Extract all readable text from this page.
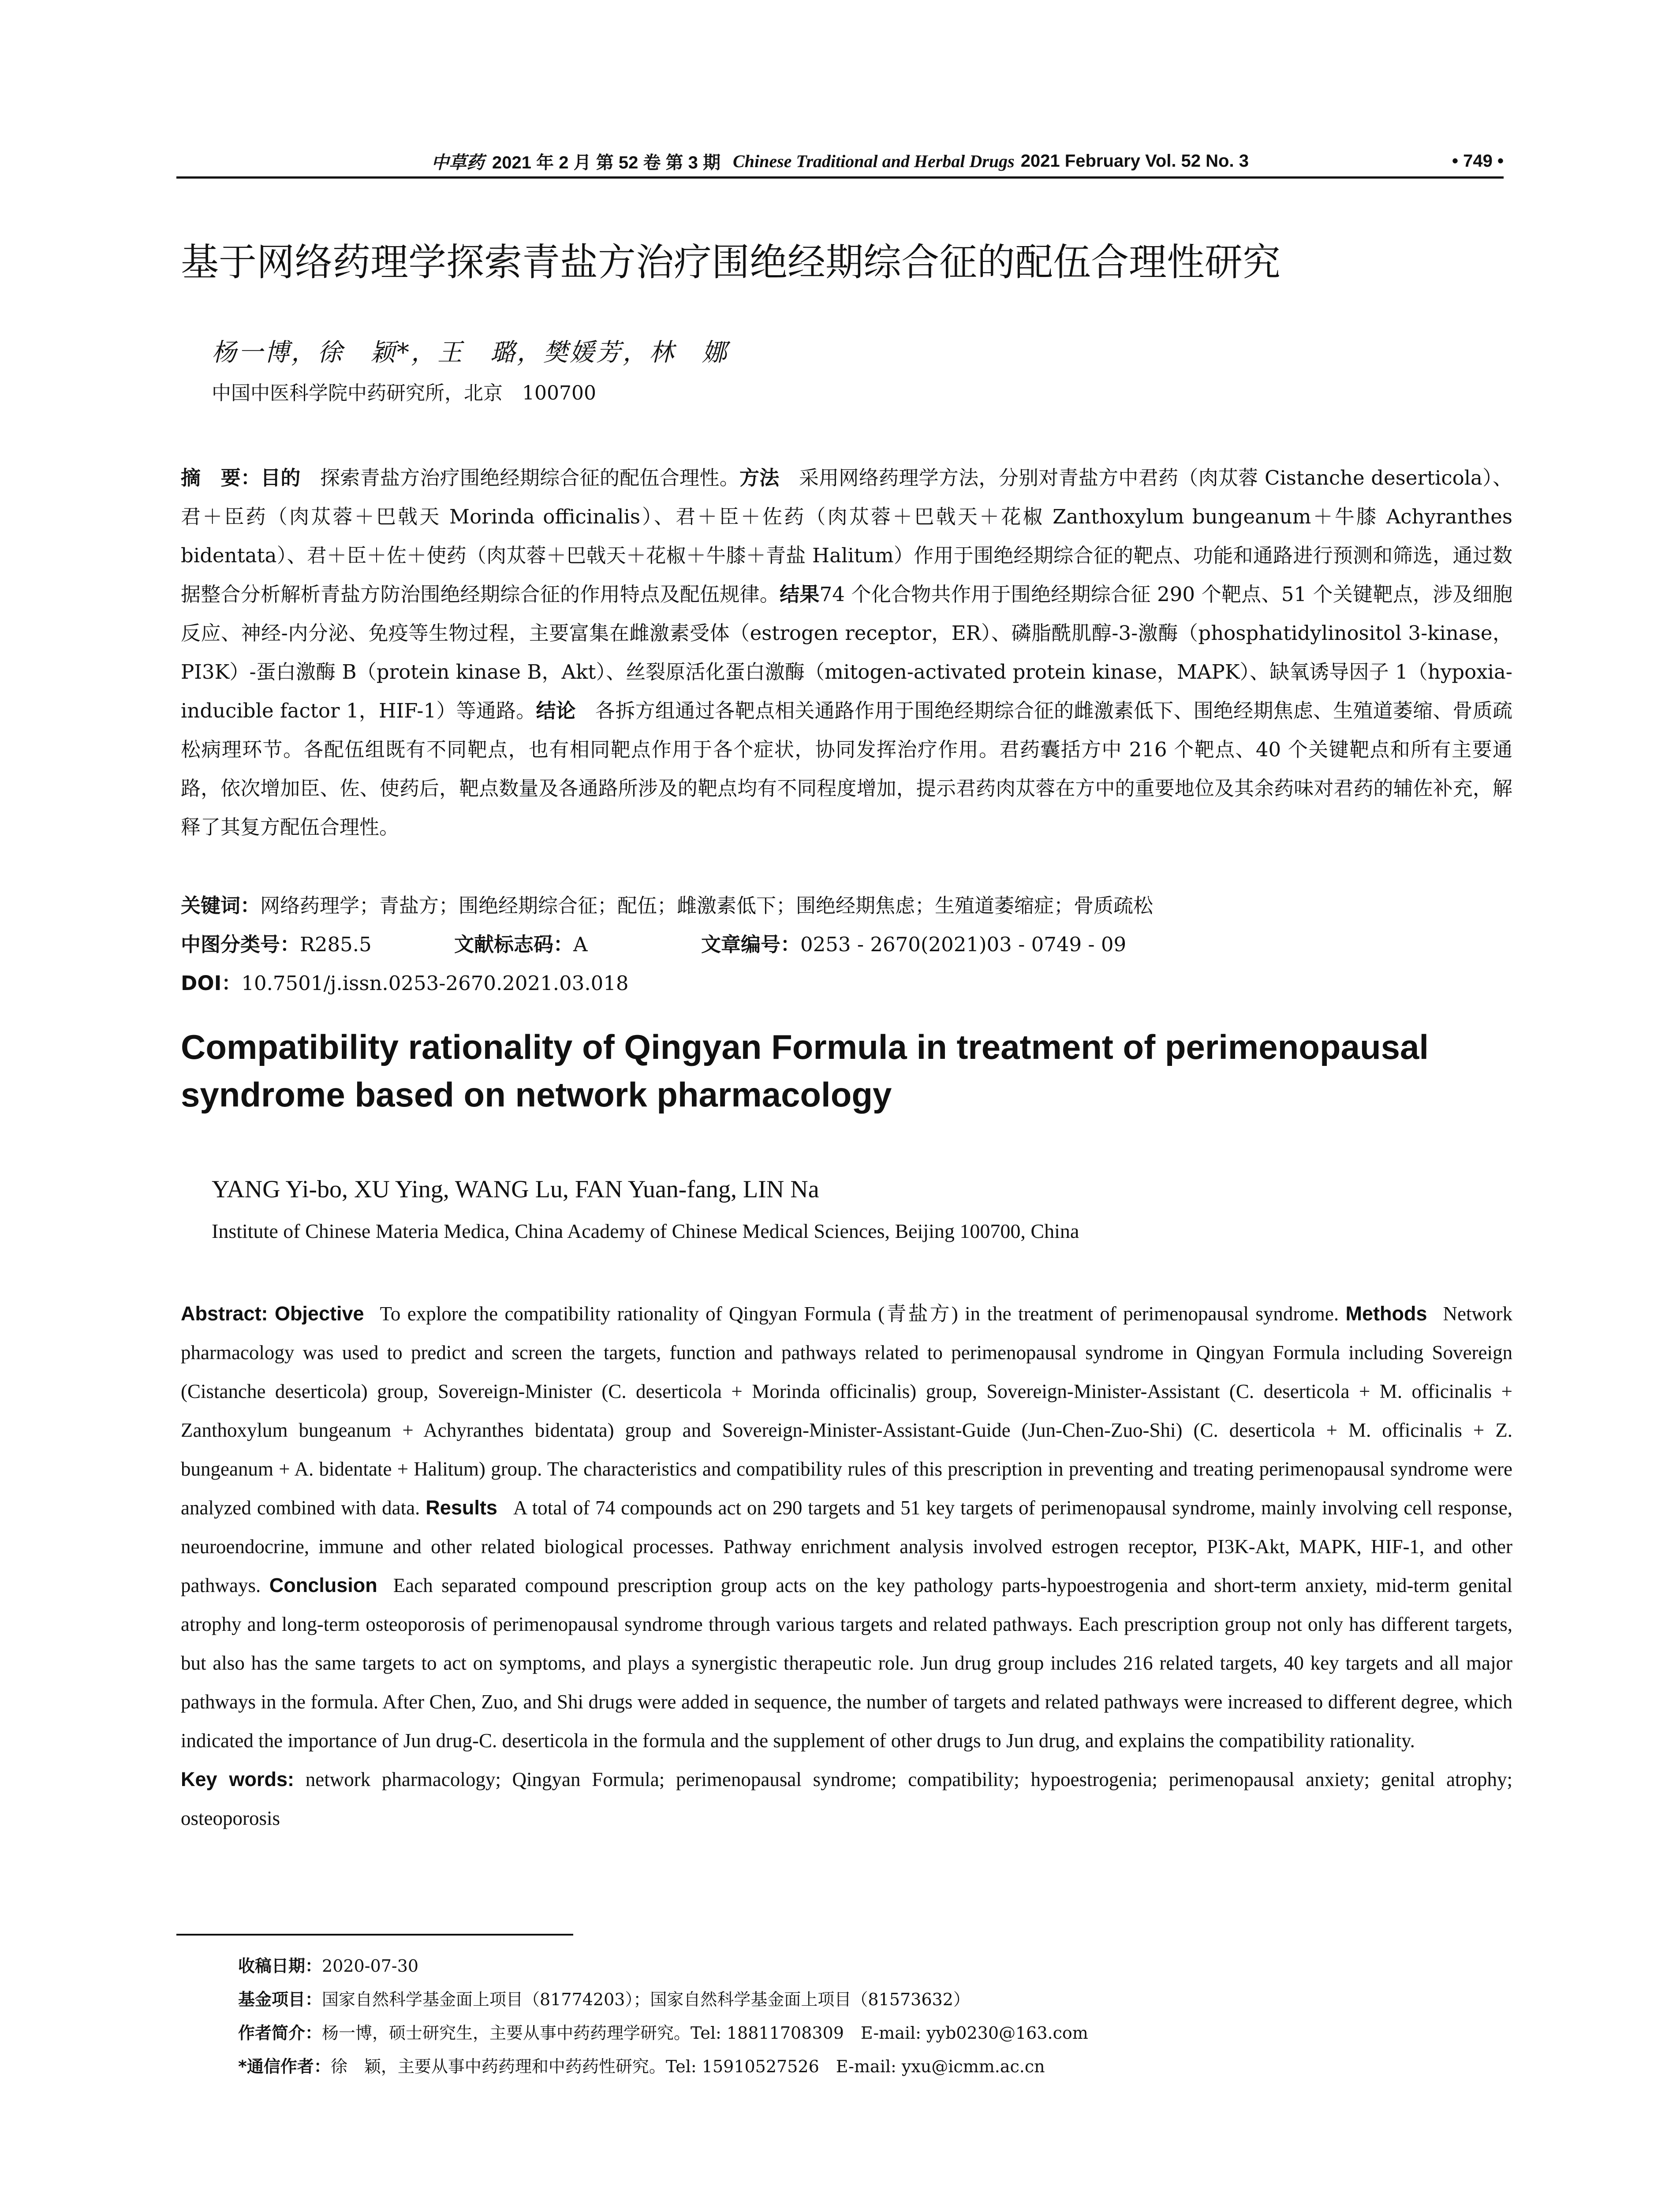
中草药 2021 年 2 月 第 52 卷 第 3 期 Chinese Traditional and Herbal Drugs 2021 February Vol. 52 No. 3	• 749 •
基于网络药理学探索青盐方治疗围绝经期综合征的配伍合理性研究
杨一博，徐　颖*，王　璐，樊媛芳，林　娜
中国中医科学院中药研究所，北京　100700
摘　要：目的 探索青盐方治疗围绝经期综合征的配伍合理性。方法 采用网络药理学方法，分别对青盐方中君药（肉苁蓉 Cistanche deserticola）、君＋臣药（肉苁蓉＋巴戟天 Morinda officinalis）、君＋臣＋佐药（肉苁蓉＋巴戟天＋花椒 Zanthoxylum bungeanum＋牛膝 Achyranthes bidentata）、君＋臣＋佐＋使药（肉苁蓉＋巴戟天＋花椒＋牛膝＋青盐 Halitum）作用于围绝经期综合征的靶点、功能和通路进行预测和筛选，通过数据整合分析解析青盐方防治围绝经期综合征的作用特点及配伍规律。结果74 个化合物共作用于围绝经期综合征 290 个靶点、51 个关键靶点，涉及细胞反应、神经-内分泌、免疫等生物过程，主要富集在雌激素受体（estrogen receptor，ER）、磷脂酰肌醇-3-激酶（phosphatidylinositol 3-kinase，PI3K）-蛋白激酶 B（protein kinase B，Akt）、丝裂原活化蛋白激酶（mitogen-activated protein kinase，MAPK）、缺氧诱导因子 1（hypoxia-inducible factor 1，HIF-1）等通路。结论 各拆方组通过各靶点相关通路作用于围绝经期综合征的雌激素低下、围绝经期焦虑、生殖道萎缩、骨质疏松病理环节。各配伍组既有不同靶点，也有相同靶点作用于各个症状，协同发挥治疗作用。君药囊括方中 216 个靶点、40 个关键靶点和所有主要通路，依次增加臣、佐、使药后，靶点数量及各通路所涉及的靶点均有不同程度增加，提示君药肉苁蓉在方中的重要地位及其余药味对君药的辅佐补充，解释了其复方配伍合理性。
关键词：网络药理学；青盐方；围绝经期综合征；配伍；雌激素低下；围绝经期焦虑；生殖道萎缩症；骨质疏松
中图分类号：R285.5	文献标志码：A	文章编号：0253 - 2670(2021)03 - 0749 - 09
DOI：10.7501/j.issn.0253-2670.2021.03.018
Compatibility rationality of Qingyan Formula in treatment of perimenopausal syndrome based on network pharmacology
YANG Yi-bo, XU Ying, WANG Lu, FAN Yuan-fang, LIN Na
Institute of Chinese Materia Medica, China Academy of Chinese Medical Sciences, Beijing 100700, China
Abstract: Objective To explore the compatibility rationality of Qingyan Formula (青盐方) in the treatment of perimenopausal syndrome. Methods Network pharmacology was used to predict and screen the targets, function and pathways related to perimenopausal syndrome in Qingyan Formula including Sovereign (Cistanche deserticola) group, Sovereign-Minister (C. deserticola + Morinda officinalis) group, Sovereign-Minister-Assistant (C. deserticola + M. officinalis + Zanthoxylum bungeanum + Achyranthes bidentata) group and Sovereign-Minister-Assistant-Guide (Jun-Chen-Zuo-Shi) (C. deserticola + M. officinalis + Z. bungeanum + A. bidentate + Halitum) group. The characteristics and compatibility rules of this prescription in preventing and treating perimenopausal syndrome were analyzed combined with data. Results A total of 74 compounds act on 290 targets and 51 key targets of perimenopausal syndrome, mainly involving cell response, neuroendocrine, immune and other related biological processes. Pathway enrichment analysis involved estrogen receptor, PI3K-Akt, MAPK, HIF-1, and other pathways. Conclusion Each separated compound prescription group acts on the key pathology parts-hypoestrogenia and short-term anxiety, mid-term genital atrophy and long-term osteoporosis of perimenopausal syndrome through various targets and related pathways. Each prescription group not only has different targets, but also has the same targets to act on symptoms, and plays a synergistic therapeutic role. Jun drug group includes 216 related targets, 40 key targets and all major pathways in the formula. After Chen, Zuo, and Shi drugs were added in sequence, the number of targets and related pathways were increased to different degree, which indicated the importance of Jun drug-C. deserticola in the formula and the supplement of other drugs to Jun drug, and explains the compatibility rationality.
Key words: network pharmacology; Qingyan Formula; perimenopausal syndrome; compatibility; hypoestrogenia; perimenopausal anxiety; genital atrophy; osteoporosis
收稿日期：2020-07-30
基金项目：国家自然科学基金面上项目（81774203）；国家自然科学基金面上项目（81573632）
作者简介：杨一博，硕士研究生，主要从事中药药理学研究。Tel: 18811708309　E-mail: yyb0230@163.com
*通信作者：徐　颖，主要从事中药药理和中药药性研究。Tel: 15910527526　E-mail: yxu@icmm.ac.cn
